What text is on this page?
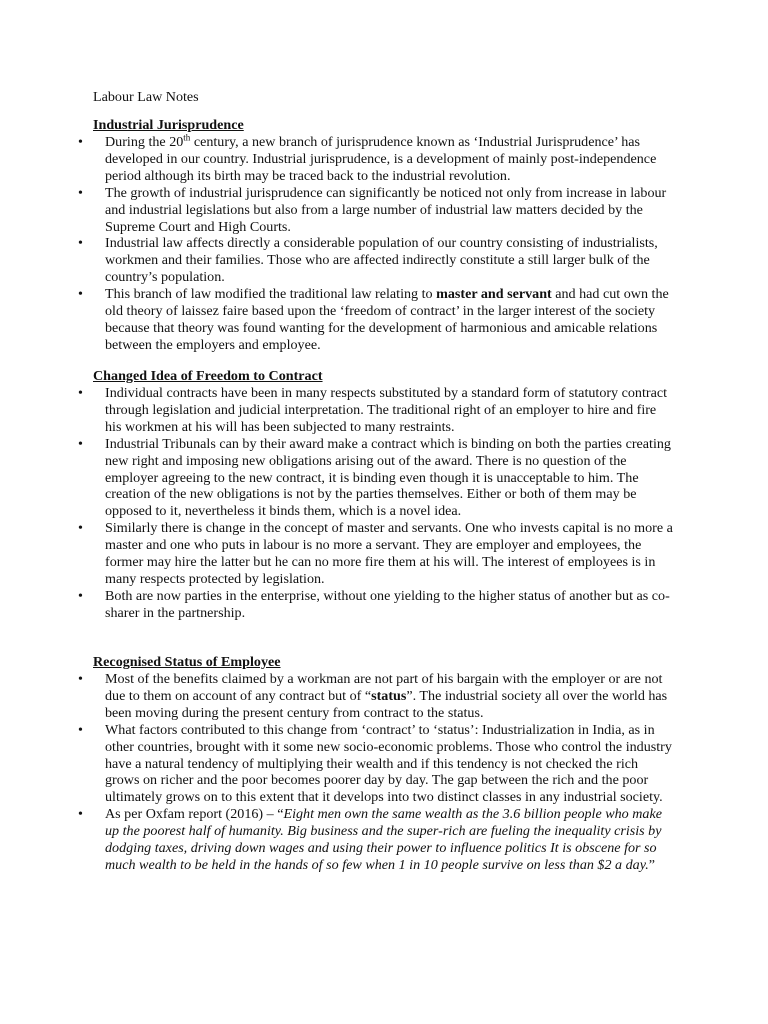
Labour Law Notes

Industrial Jurisprudence
• During the 20th century, a new branch of jurisprudence known as ‘Industrial Jurisprudence’ has developed in our country. Industrial jurisprudence, is a development of mainly post-independence period although its birth may be traced back to the industrial revolution.
• The growth of industrial jurisprudence can significantly be noticed not only from increase in labour and industrial legislations but also from a large number of industrial law matters decided by the Supreme Court and High Courts.
• Industrial law affects directly a considerable population of our country consisting of industrialists, workmen and their families. Those who are affected indirectly constitute a still larger bulk of the country’s population.
• This branch of law modified the traditional law relating to master and servant and had cut own the old theory of laissez faire based upon the ‘freedom of contract’ in the larger interest of the society because that theory was found wanting for the development of harmonious and amicable relations between the employers and employee.
Changed Idea of Freedom to Contract
• Individual contracts have been in many respects substituted by a standard form of statutory contract through legislation and judicial interpretation. The traditional right of an employer to hire and fire his workmen at his will has been subjected to many restraints.
• Industrial Tribunals can by their award make a contract which is binding on both the parties creating new right and imposing new obligations arising out of the award. There is no question of the employer agreeing to the new contract, it is binding even though it is unacceptable to him. The creation of the new obligations is not by the parties themselves. Either or both of them may be opposed to it, nevertheless it binds them, which is a novel idea.
• Similarly there is change in the concept of master and servants. One who invests capital is no more a master and one who puts in labour is no more a servant. They are employer and employees, the former may hire the latter but he can no more fire them at his will. The interest of employees is in many respects protected by legislation.
• Both are now parties in the enterprise, without one yielding to the higher status of another but as co-sharer in the partnership.
Recognised Status of Employee
• Most of the benefits claimed by a workman are not part of his bargain with the employer or are not due to them on account of any contract but of “status”. The industrial society all over the world has been moving during the present century from contract to the status.
• What factors contributed to this change from ‘contract’ to ‘status’: Industrialization in India, as in other countries, brought with it some new socio-economic problems. Those who control the industry have a natural tendency of multiplying their wealth and if this tendency is not checked the rich grows on richer and the poor becomes poorer day by day. The gap between the rich and the poor ultimately grows on to this extent that it develops into two distinct classes in any industrial society.
• As per Oxfam report (2016) – “Eight men own the same wealth as the 3.6 billion people who make up the poorest half of humanity. Big business and the super-rich are fueling the inequality crisis by dodging taxes, driving down wages and using their power to influence politics It is obscene for so much wealth to be held in the hands of so few when 1 in 10 people survive on less than $2 a day.”
